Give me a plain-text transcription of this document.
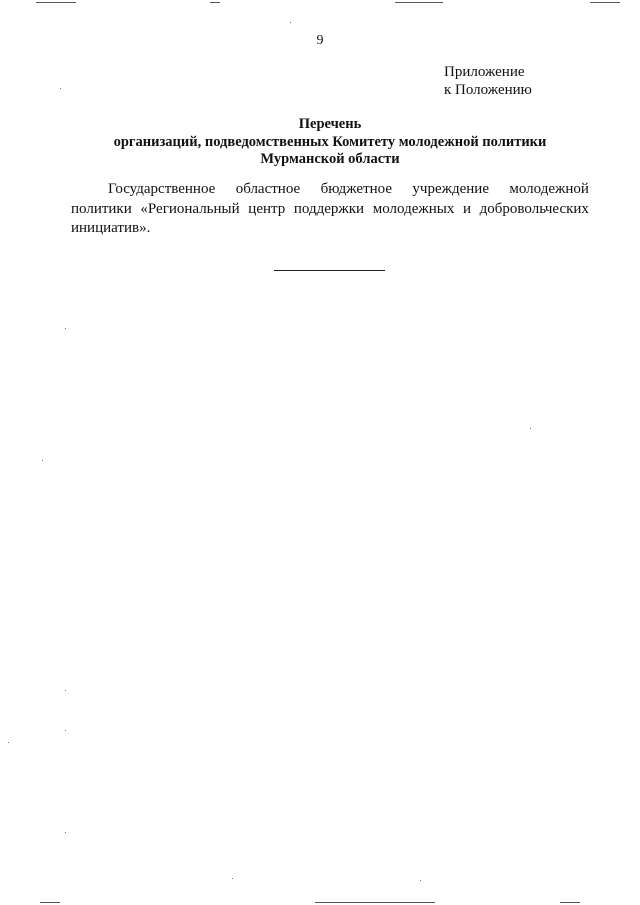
9
Приложение
к Положению
Перечень
организаций, подведомственных Комитету молодежной политики
Мурманской области
Государственное областное бюджетное учреждение молодежной
политики «Региональный центр поддержки молодежных и добровольческих
инициатив».
